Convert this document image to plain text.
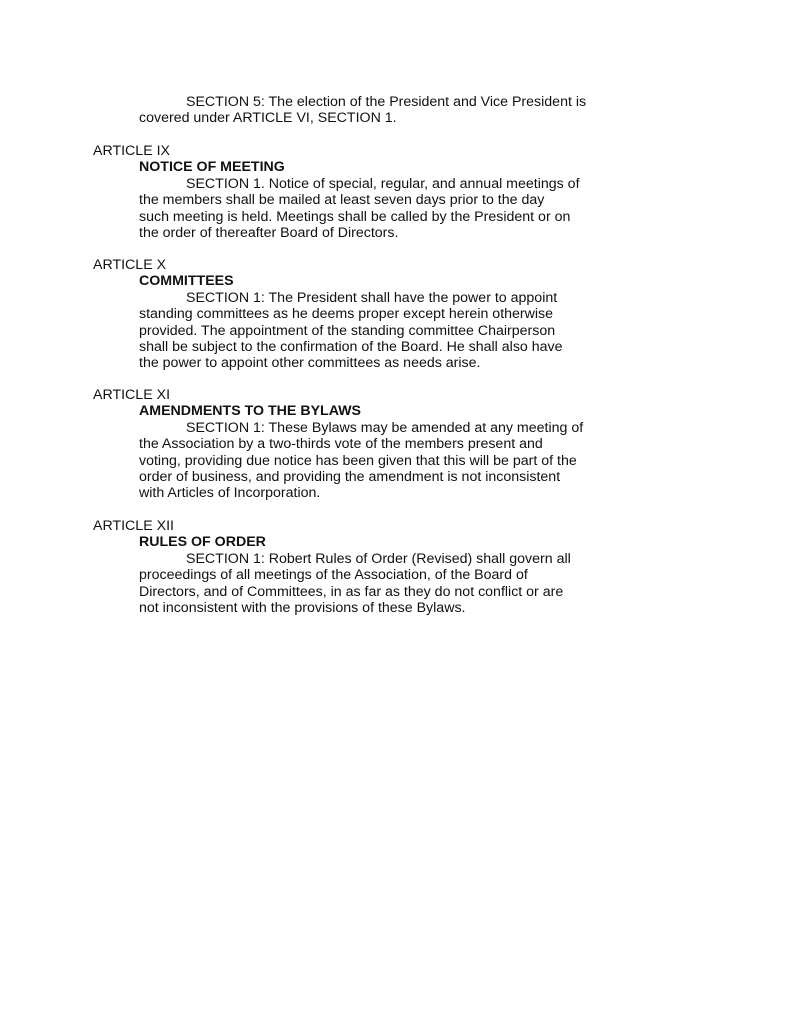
SECTION 5: The election of the President and Vice President is
covered under ARTICLE VI, SECTION 1.
ARTICLE IX
NOTICE OF MEETING
SECTION 1. Notice of special, regular, and annual meetings of
the members shall be mailed at least seven days prior to the day
such meeting is held. Meetings shall be called by the President or on
the order of thereafter Board of Directors.
ARTICLE X
COMMITTEES
SECTION 1: The President shall have the power to appoint
standing committees as he deems proper except herein otherwise
provided. The appointment of the standing committee Chairperson
shall be subject to the confirmation of the Board. He shall also have
the power to appoint other committees as needs arise.
ARTICLE XI
AMENDMENTS TO THE BYLAWS
SECTION 1: These Bylaws may be amended at any meeting of
the Association by a two-thirds vote of the members present and
voting, providing due notice has been given that this will be part of the
order of business, and providing the amendment is not inconsistent
with Articles of Incorporation.
ARTICLE XII
RULES OF ORDER
SECTION 1: Robert Rules of Order (Revised) shall govern all
proceedings of all meetings of the Association, of the Board of
Directors, and of Committees, in as far as they do not conflict or are
not inconsistent with the provisions of these Bylaws.
